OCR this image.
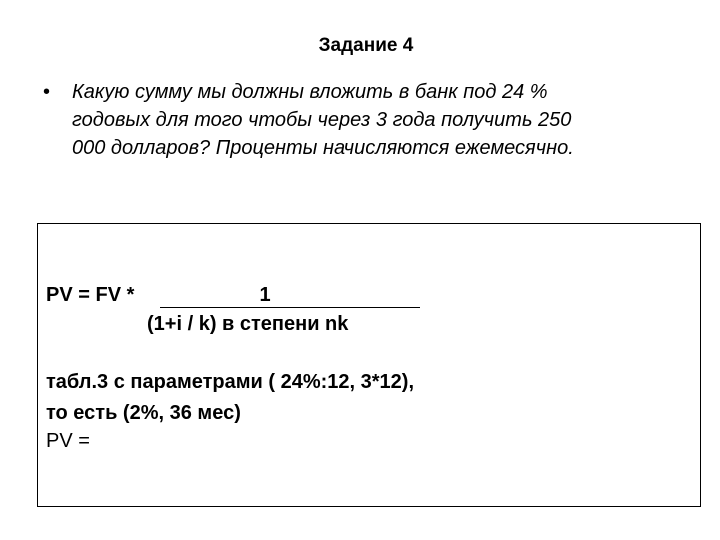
Задание 4
•	Какую сумму мы должны вложить в банк под 24 %
годовых для того чтобы через 3 года получить 250
000 долларов? Проценты начисляются ежемесячно.
PV = FV *	1
(1+i / k) в степени nk
табл.3 с параметрами ( 24%:12, 3*12),
то есть (2%, 36 мес)
PV =
